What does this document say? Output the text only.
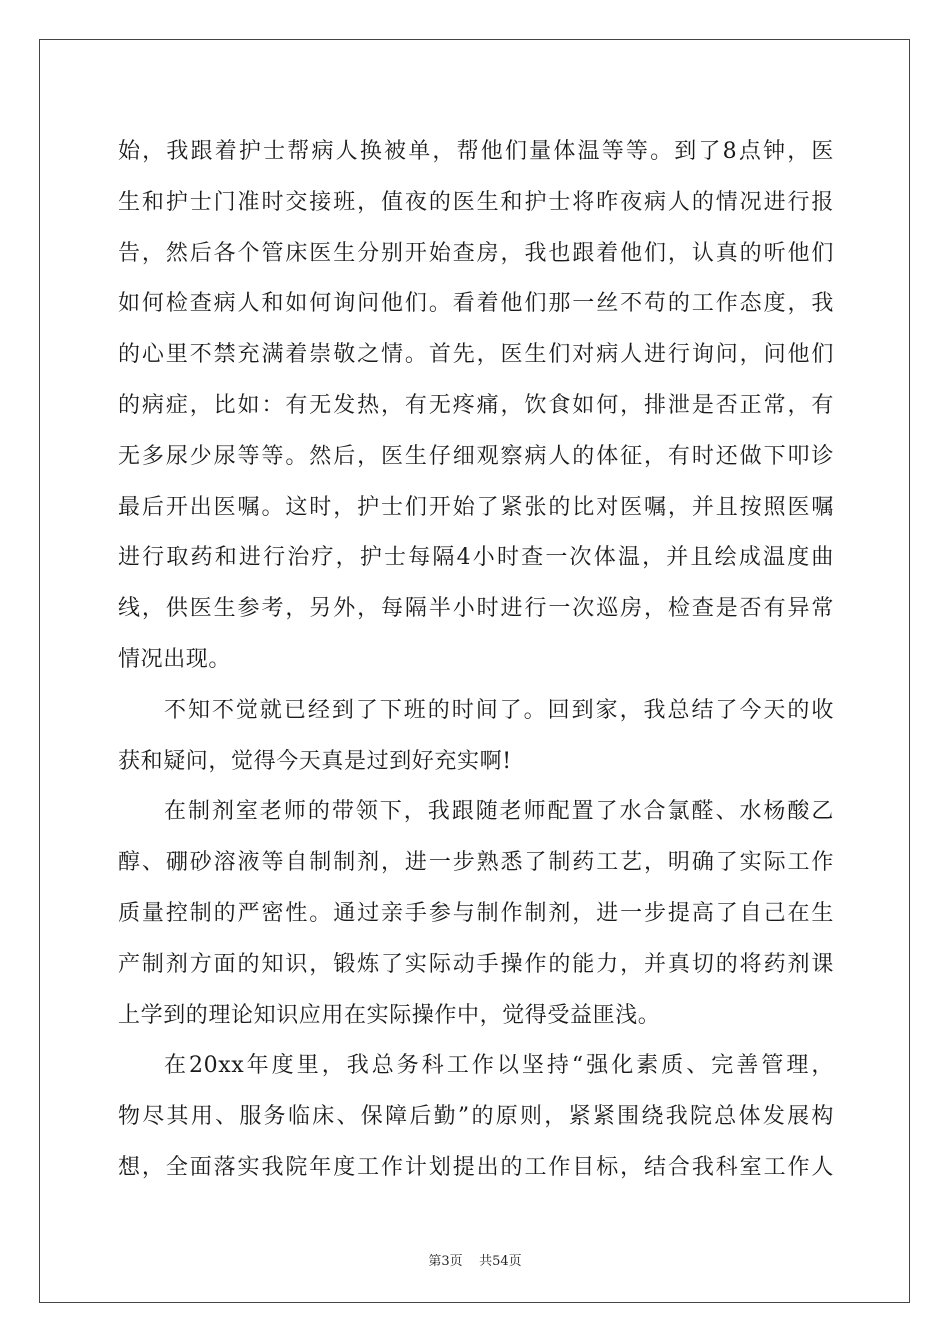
始，我跟着护士帮病人换被单，帮他们量体温等等。到了8点钟，医
生和护士门准时交接班，值夜的医生和护士将昨夜病人的情况进行报
告，然后各个管床医生分别开始查房，我也跟着他们，认真的听他们
如何检查病人和如何询问他们。看着他们那一丝不苟的工作态度，我
的心里不禁充满着崇敬之情。首先，医生们对病人进行询问，问他们
的病症，比如：有无发热，有无疼痛，饮食如何，排泄是否正常，有
无多尿少尿等等。然后，医生仔细观察病人的体征，有时还做下叩诊
最后开出医嘱。这时，护士们开始了紧张的比对医嘱，并且按照医嘱
进行取药和进行治疗，护士每隔4小时查一次体温，并且绘成温度曲
线，供医生参考，另外，每隔半小时进行一次巡房，检查是否有异常
情况出现。
不知不觉就已经到了下班的时间了。回到家，我总结了今天的收
获和疑问，觉得今天真是过到好充实啊!
在制剂室老师的带领下，我跟随老师配置了水合氯醛、水杨酸乙
醇、硼砂溶液等自制制剂，进一步熟悉了制药工艺，明确了实际工作
质量控制的严密性。通过亲手参与制作制剂，进一步提高了自己在生
产制剂方面的知识，锻炼了实际动手操作的能力，并真切的将药剂课
上学到的理论知识应用在实际操作中，觉得受益匪浅。
在20xx年度里，我总务科工作以坚持“强化素质、完善管理，
物尽其用、服务临床、保障后勤”的原则，紧紧围绕我院总体发展构
想，全面落实我院年度工作计划提出的工作目标，结合我科室工作人
第3页 共54页
